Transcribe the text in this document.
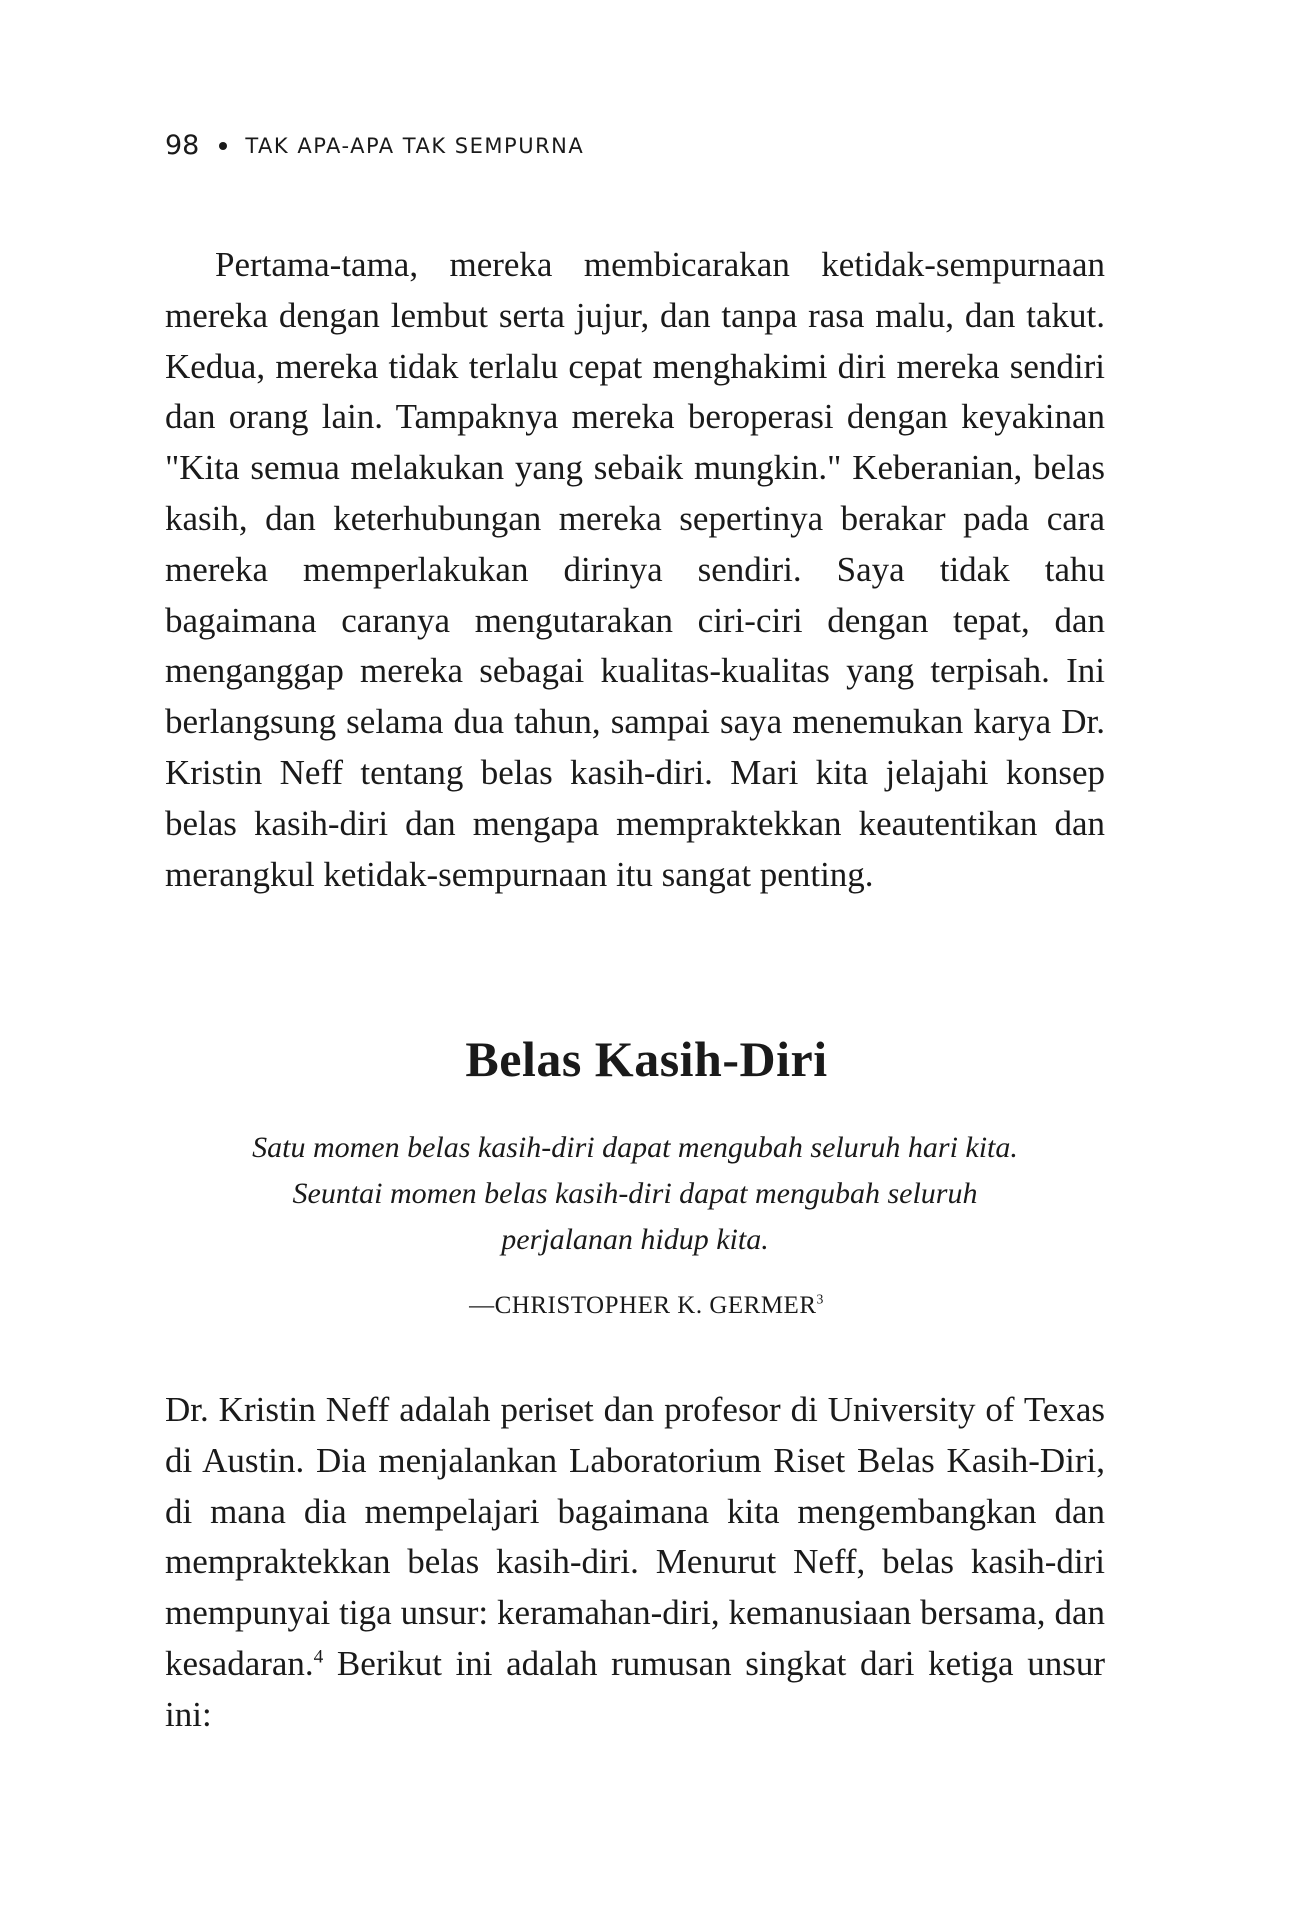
98 TAK APA-APA TAK SEMPURNA

Pertama-tama, mereka membicarakan ketidak-sempurnaan mereka dengan lembut serta jujur, dan tanpa rasa malu, dan takut. Kedua, mereka tidak terlalu cepat menghakimi diri mereka sendiri dan orang lain. Tampaknya mereka beroperasi dengan keyakinan "Kita semua melakukan yang sebaik mungkin." Keberanian, belas kasih, dan keterhubungan mereka sepertinya berakar pada cara mereka memperlakukan dirinya sendiri. Saya tidak tahu bagaimana caranya mengutarakan ciri-ciri dengan tepat, dan menganggap mereka sebagai kualitas-kualitas yang terpisah. Ini berlangsung selama dua tahun, sampai saya menemukan karya Dr. Kristin Neff tentang belas kasih-diri. Mari kita jelajahi konsep belas kasih-diri dan mengapa mempraktekkan keautentikan dan merangkul ketidak-sempurnaan itu sangat penting.

Belas Kasih-Diri

Satu momen belas kasih-diri dapat mengubah seluruh hari kita.
Seuntai momen belas kasih-diri dapat mengubah seluruh
perjalanan hidup kita.

—CHRISTOPHER K. GERMER$^3$

Dr. Kristin Neff adalah periset dan profesor di University of Texas di Austin. Dia menjalankan Laboratorium Riset Belas Kasih-Diri, di mana dia mempelajari bagaimana kita mengembangkan dan mempraktekkan belas kasih-diri. Menurut Neff, belas kasih-diri mempunyai tiga unsur: keramahan-diri, kemanusiaan bersama, dan kesadaran.$^4$ Berikut ini adalah rumusan singkat dari ketiga unsur ini:
